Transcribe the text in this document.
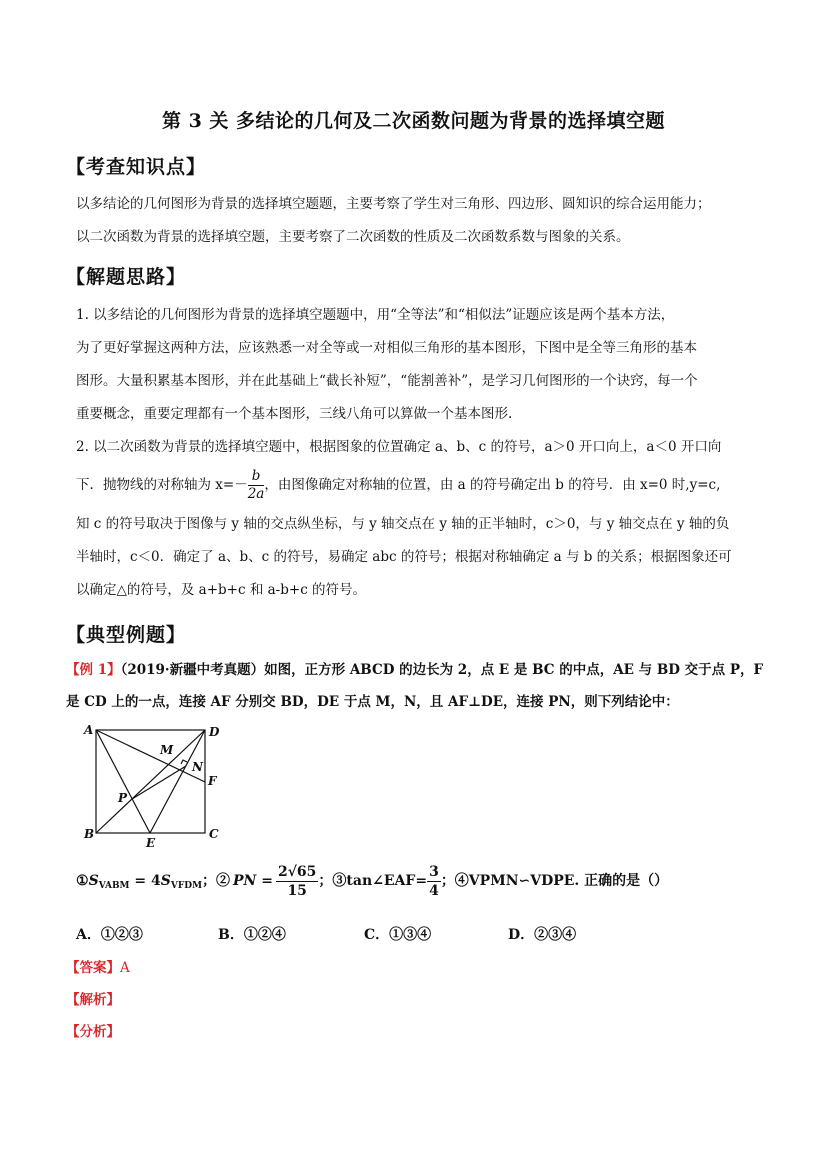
第 3 关 多结论的几何及二次函数问题为背景的选择填空题
【考查知识点】
以多结论的几何图形为背景的选择填空题题，主要考察了学生对三角形、四边形、圆知识的综合运用能力；
以二次函数为背景的选择填空题，主要考察了二次函数的性质及二次函数系数与图象的关系。
【解题思路】
1. 以多结论的几何图形为背景的选择填空题题中，用“全等法”和“相似法”证题应该是两个基本方法，
为了更好掌握这两种方法，应该熟悉一对全等或一对相似三角形的基本图形，下图中是全等三角形的基本
图形。大量积累基本图形，并在此基础上“截长补短”，“能割善补”，是学习几何图形的一个诀窍，每一个
重要概念，重要定理都有一个基本图形，三线八角可以算做一个基本图形.
2. 以二次函数为背景的选择填空题中，根据图象的位置确定 a、b、c 的符号，a＞0 开口向上，a＜0 开口向
下．抛物线的对称轴为 $x=- \frac{b}{2a}$ ，由图像确定对称轴的位置，由 a 的符号确定出 b 的符号．由 x=0 时,y=c,
知 c 的符号取决于图像与 y 轴的交点纵坐标，与 y 轴交点在 y 轴的正半轴时，c＞0，与 y 轴交点在 y 轴的负
半轴时，c＜0．确定了 a、b、c 的符号，易确定 abc 的符号；根据对称轴确定 a 与 b 的关系；根据图象还可
以确定△的符号，及 a+b+c 和 a-b+c 的符号。
【典型例题】
【例 1】（2019·新疆中考真题）如图，正方形 ABCD 的边长为 2，点 E 是 BC 的中点，AE 与 BD 交于点 P，F
是 CD 上的一点，连接 AF 分别交 BD，DE 于点 M，N，且 AF⊥DE，连接 PN，则下列结论中：
A	D
B	C
E
F
M
N
P
$①S_{VABM} = 4S_{VFDM}$；② PN = $\frac{2√65}{15}$ ；③tan∠EAF= $\frac{3}{4}$ ；④VPMN∽VDPE. 正确的是（）
A．①②③	B．①②④	C．①③④	D．②③④
【答案】A
【解析】
【分析】
